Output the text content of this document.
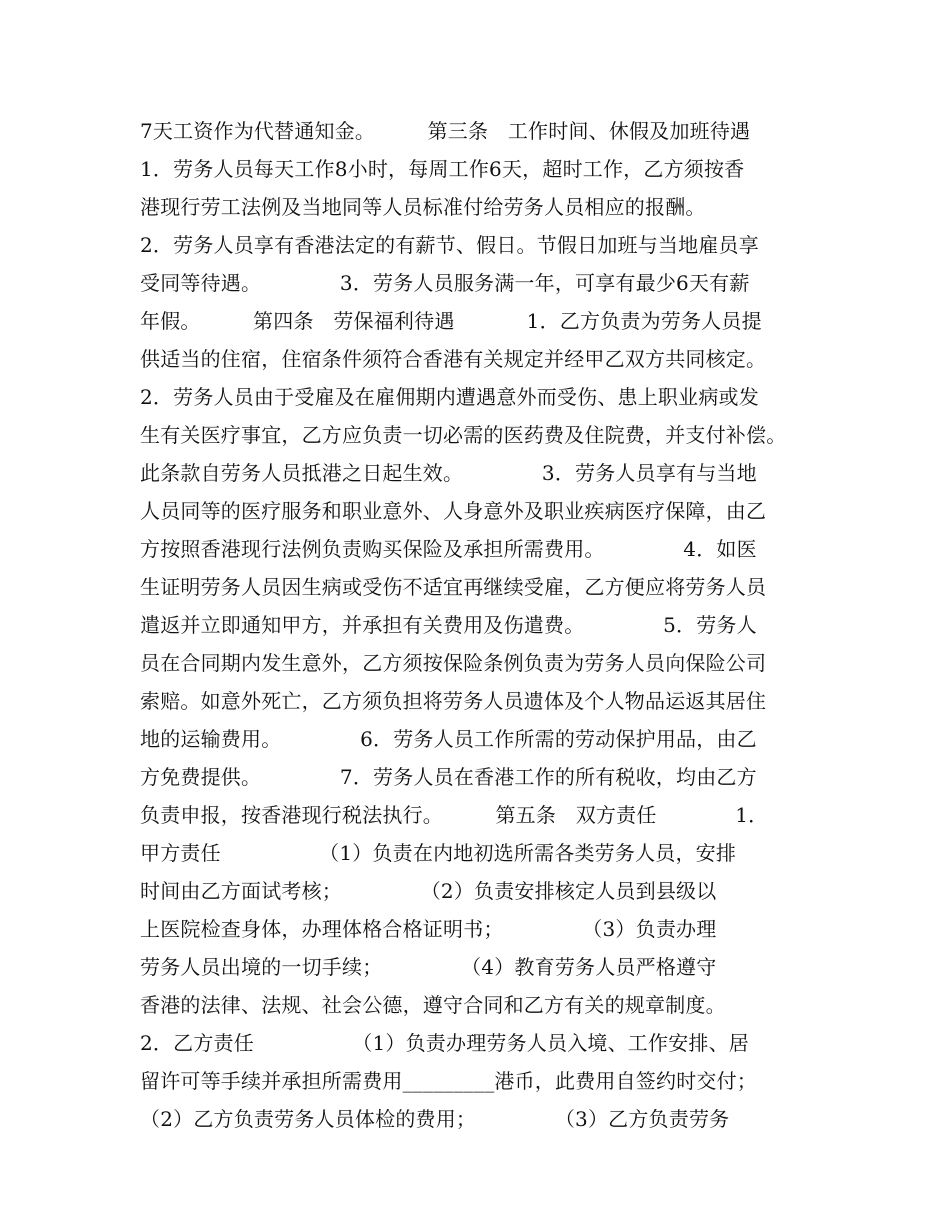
7天工资作为代替通知金。        第三条   工作时间、休假及加班待遇
1．劳务人员每天工作8小时，每周工作6天，超时工作，乙方须按香
港现行劳工法例及当地同等人员标准付给劳务人员相应的报酬。
2．劳务人员享有香港法定的有薪节、假日。节假日加班与当地雇员享
受同等待遇。            3．劳务人员服务满一年，可享有最少6天有薪
年假。        第四条   劳保福利待遇           1．乙方负责为劳务人员提
供适当的住宿，住宿条件须符合香港有关规定并经甲乙双方共同核定。
2．劳务人员由于受雇及在雇佣期内遭遇意外而受伤、患上职业病或发
生有关医疗事宜，乙方应负责一切必需的医药费及住院费，并支付补偿。
此条款自劳务人员抵港之日起生效。            3．劳务人员享有与当地
人员同等的医疗服务和职业意外、人身意外及职业疾病医疗保障，由乙
方按照香港现行法例负责购买保险及承担所需费用。            4．如医
生证明劳务人员因生病或受伤不适宜再继续受雇，乙方便应将劳务人员
遣返并立即通知甲方，并承担有关费用及伤遣费。            5．劳务人
员在合同期内发生意外，乙方须按保险条例负责为劳务人员向保险公司
索赔。如意外死亡，乙方须负担将劳务人员遗体及个人物品运返其居住
地的运输费用。            6．劳务人员工作所需的劳动保护用品，由乙
方免费提供。            7．劳务人员在香港工作的所有税收，均由乙方
负责申报，按香港现行税法执行。        第五条   双方责任            1．
甲方责任               （1）负责在内地初选所需各类劳务人员，安排
时间由乙方面试考核；            （2）负责安排核定人员到县级以
上医院检查身体，办理体格合格证明书；            （3）负责办理
劳务人员出境的一切手续；            （4）教育劳务人员严格遵守
香港的法律、法规、社会公德，遵守合同和乙方有关的规章制度。
2．乙方责任               （1）负责办理劳务人员入境、工作安排、居
留许可等手续并承担所需费用_________港币，此费用自签约时交付；
（2）乙方负责劳务人员体检的费用；            （3）乙方负责劳务
